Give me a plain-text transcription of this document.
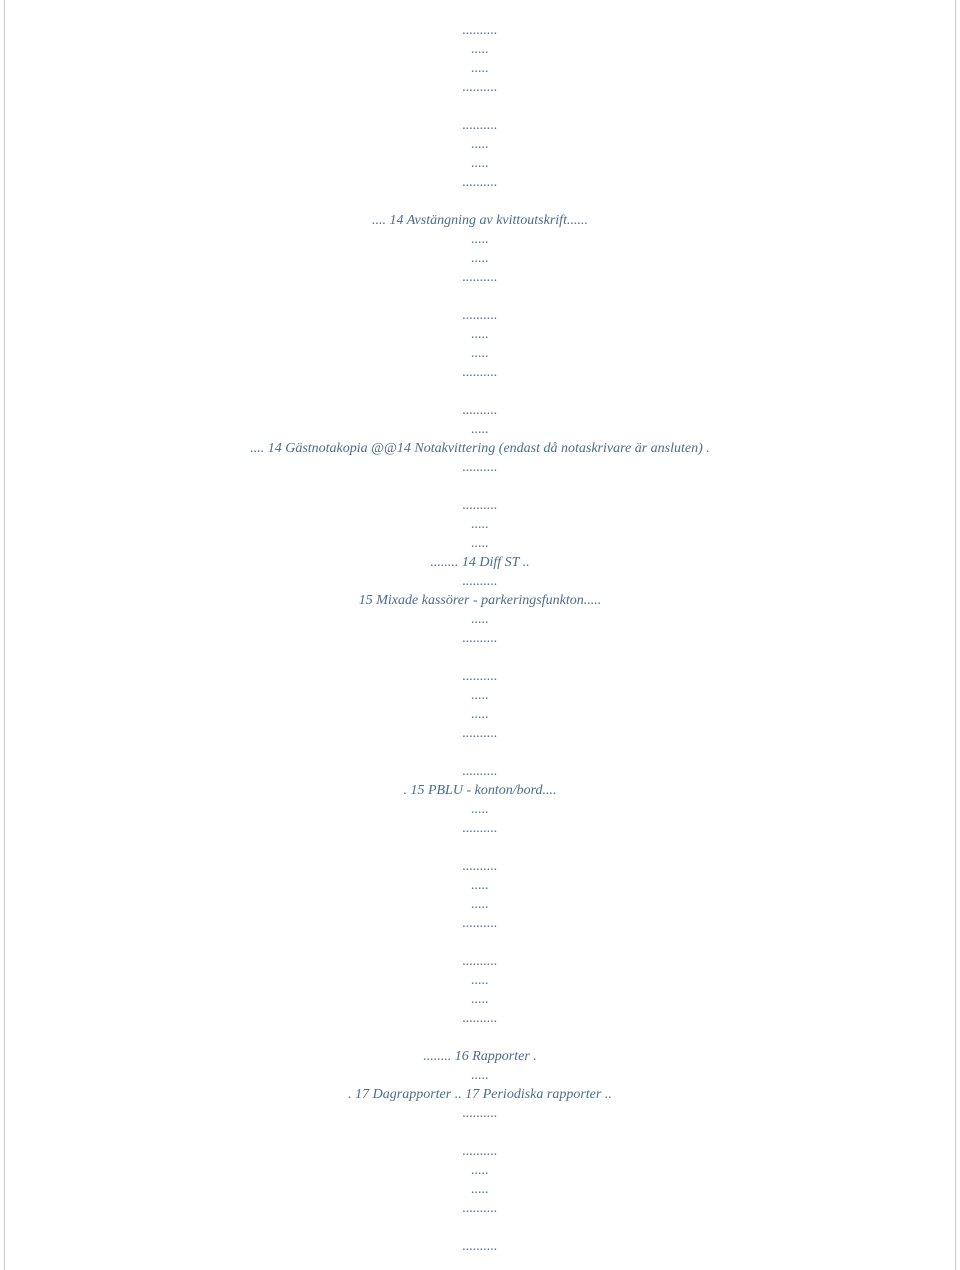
..........
.....
.....
..........
..........
.....
.....
..........
.... 14 Avstängning av kvittoutskrift......
.....
.....
..........
..........
.....
.....
..........
..........
.....
.... 14 Gästnotakopia @@14 Notakvittering (endast då notaskrivare är ansluten) .
..........
..........
.....
.....
........ 14 Diff ST ..
..........
15 Mixade kassörer - parkeringsfunkton.....
.....
..........
..........
.....
.....
..........
..........
. 15 PBLU - konton/bord....
.....
..........
..........
.....
.....
..........
..........
.....
.....
..........
........ 16 Rapporter .
.....
. 17 Dagrapporter .. 17 Periodiska rapporter ..
..........
..........
.....
.....
..........
..........
